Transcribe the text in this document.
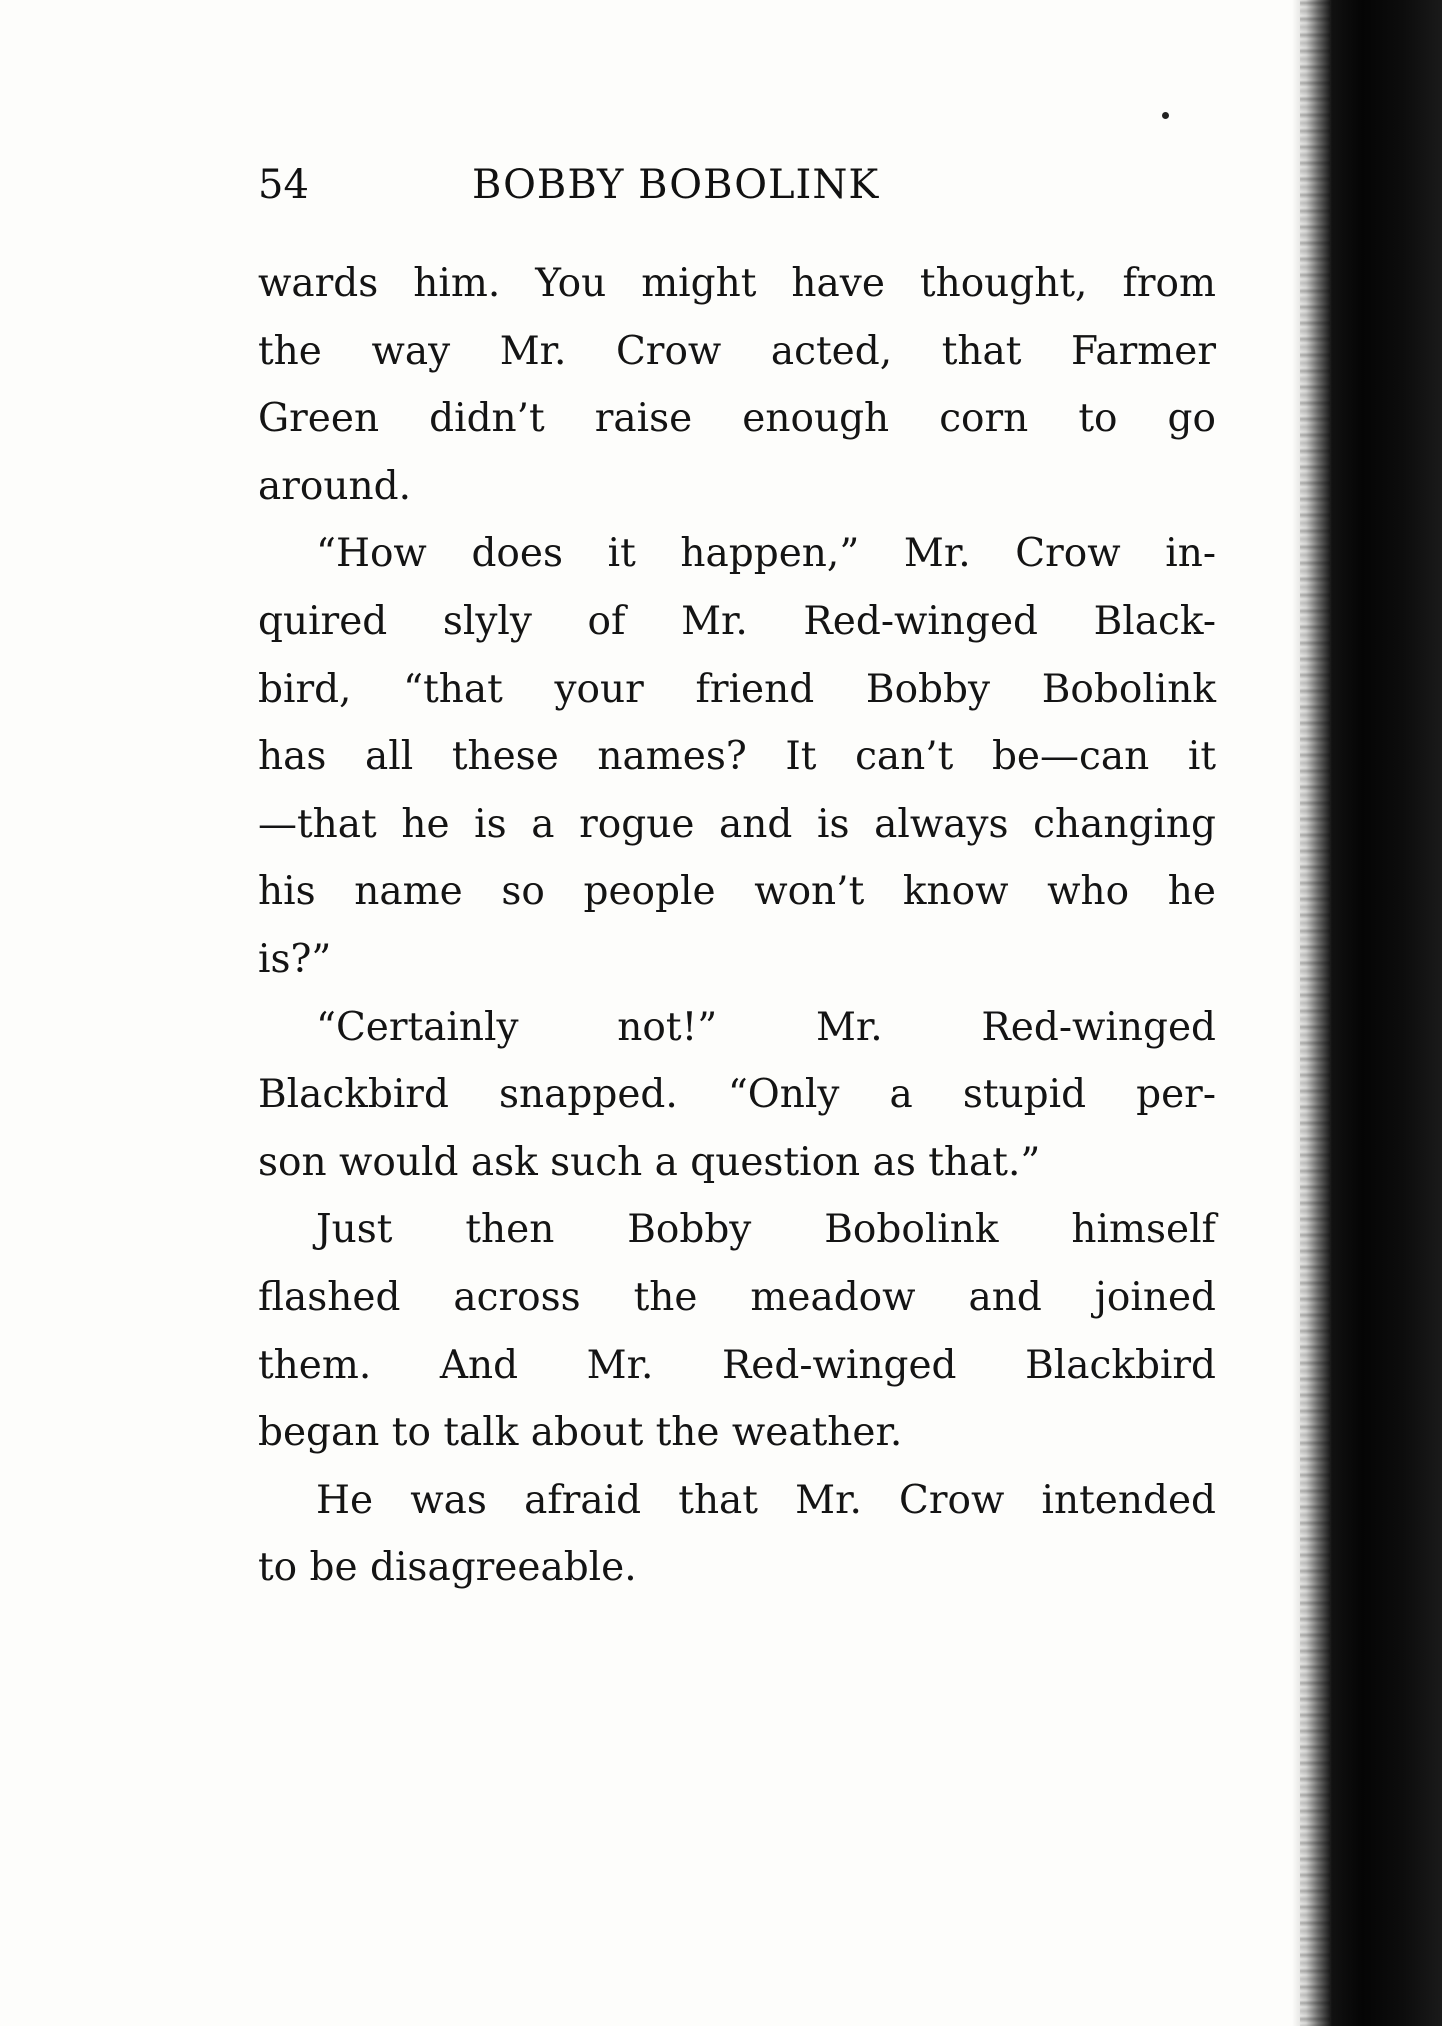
54	BOBBY BOBOLINK
wards him. You might have thought, from
the way Mr. Crow acted, that Farmer
Green didn’t raise enough corn to go
around.
“How does it happen,” Mr. Crow in-
quired slyly of Mr. Red-winged Black-
bird, “that your friend Bobby Bobolink
has all these names? It can’t be—can it
—that he is a rogue and is always changing
his name so people won’t know who he
is?”
“Certainly not!” Mr. Red-winged
Blackbird snapped. “Only a stupid per-
son would ask such a question as that.”
Just then Bobby Bobolink himself
flashed across the meadow and joined
them. And Mr. Red-winged Blackbird
began to talk about the weather.
He was afraid that Mr. Crow intended
to be disagreeable.
